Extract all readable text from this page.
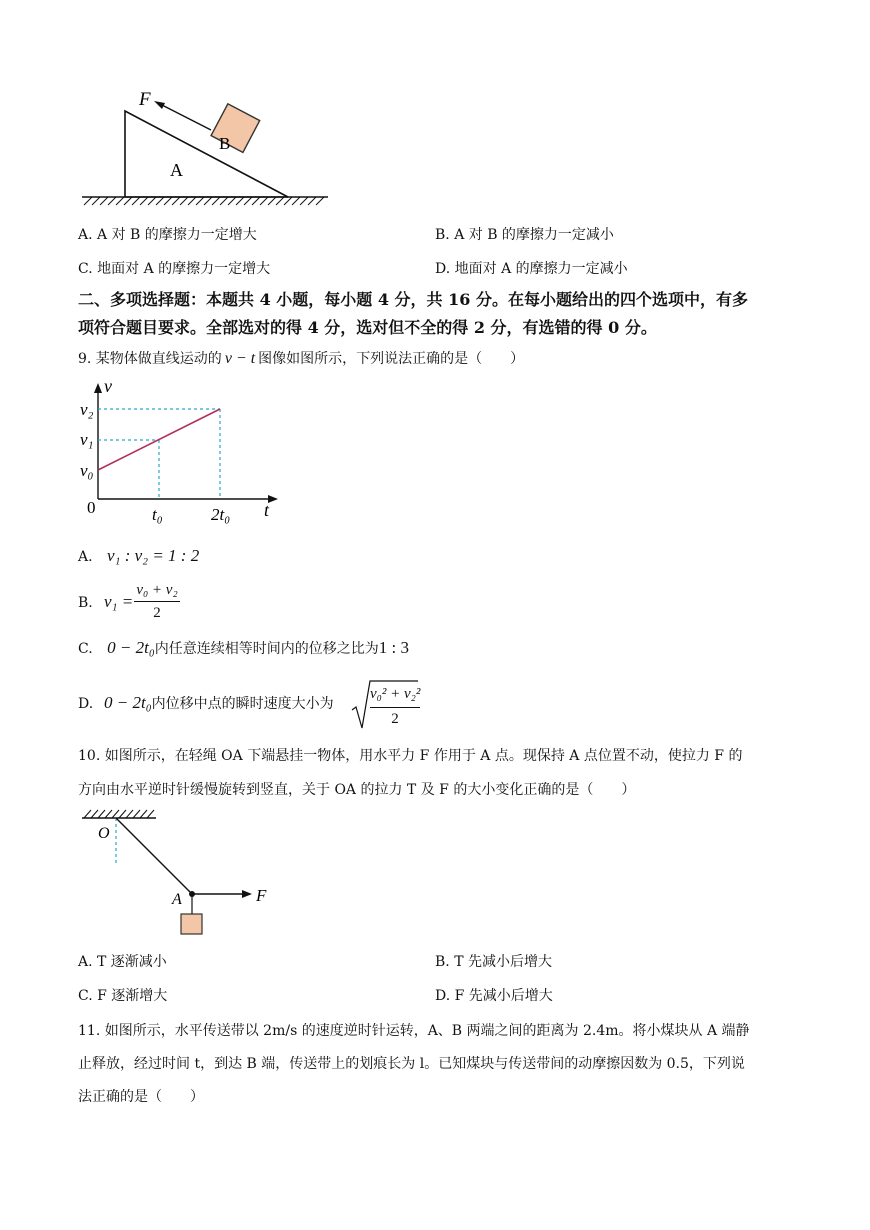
F
B
A
A. A 对 B 的摩擦力一定增大	B. A 对 B 的摩擦力一定减小
C. 地面对 A 的摩擦力一定增大	D. 地面对 A 的摩擦力一定减小
二、多项选择题：本题共 4 小题，每小题 4 分，共 16 分。在每小题给出的四个选项中，有多
项符合题目要求。全部选对的得 4 分，选对但不全的得 2 分，有选错的得 0 分。
9. 某物体做直线运动的 v − t 图像如图所示，下列说法正确的是（　　）
v
t
0
v₂
v₁
v₀
t₀	2t₀
A. v₁ : v₂ = 1 : 2
B. v₁ =
v₀ + v₂
2
C. 0 − 2t₀内任意连续相等时间内的位移之比为1 : 3
D. 0 − 2t₀内位移中点的瞬时速度大小为
v₀² + v₂²
2
10. 如图所示，在轻绳 OA 下端悬挂一物体，用水平力 F 作用于 A 点。现保持 A 点位置不动，使拉力 F 的
方向由水平逆时针缓慢旋转到竖直，关于 OA 的拉力 T 及 F 的大小变化正确的是（　　）
O
A	F
A. T 逐渐减小	B. T 先减小后增大
C. F 逐渐增大	D. F 先减小后增大
11. 如图所示，水平传送带以 2m/s 的速度逆时针运转，A、B 两端之间的距离为 2.4m。将小煤块从 A 端静
止释放，经过时间 t，到达 B 端，传送带上的划痕长为 l。已知煤块与传送带间的动摩擦因数为 0.5，下列说
法正确的是（　　）
